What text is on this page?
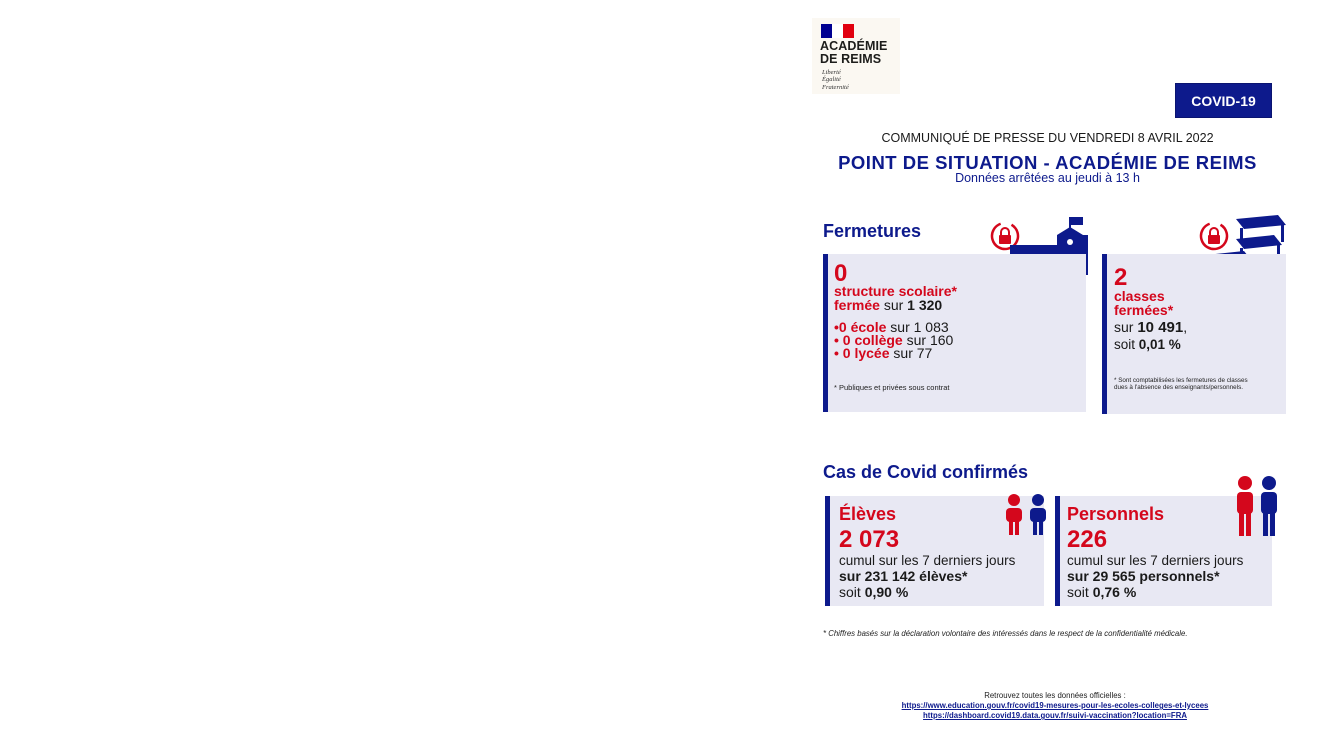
ACADÉMIE
DE REIMS
Liberté
Égalité
Fraternité
COVID-19
COMMUNIQUÉ DE PRESSE DU VENDREDI 8 AVRIL 2022
POINT DE SITUATION - ACADÉMIE DE REIMS
Données arrêtées au jeudi à 13 h
Fermetures
0
structure scolaire*
fermée sur 1 320
•0 école sur 1 083
• 0 collège sur 160
• 0 lycée sur 77
* Publiques et privées sous contrat
2
classes
fermées*
sur 10 491,
soit 0,01 %
* Sont comptabilisées les fermetures de classes
dues à l'absence des enseignants/personnels.
Cas de Covid confirmés
Élèves
2 073
cumul sur les 7 derniers jours
sur 231 142 élèves*
soit 0,90 %
Personnels
226
cumul sur les 7 derniers jours
sur 29 565 personnels*
soit 0,76 %
* Chiffres basés sur la déclaration volontaire des intéressés dans le respect de la confidentialité médicale.
Retrouvez toutes les données officielles :
https://www.education.gouv.fr/covid19-mesures-pour-les-ecoles-colleges-et-lycees
https://dashboard.covid19.data.gouv.fr/suivi-vaccination?location=FRA
